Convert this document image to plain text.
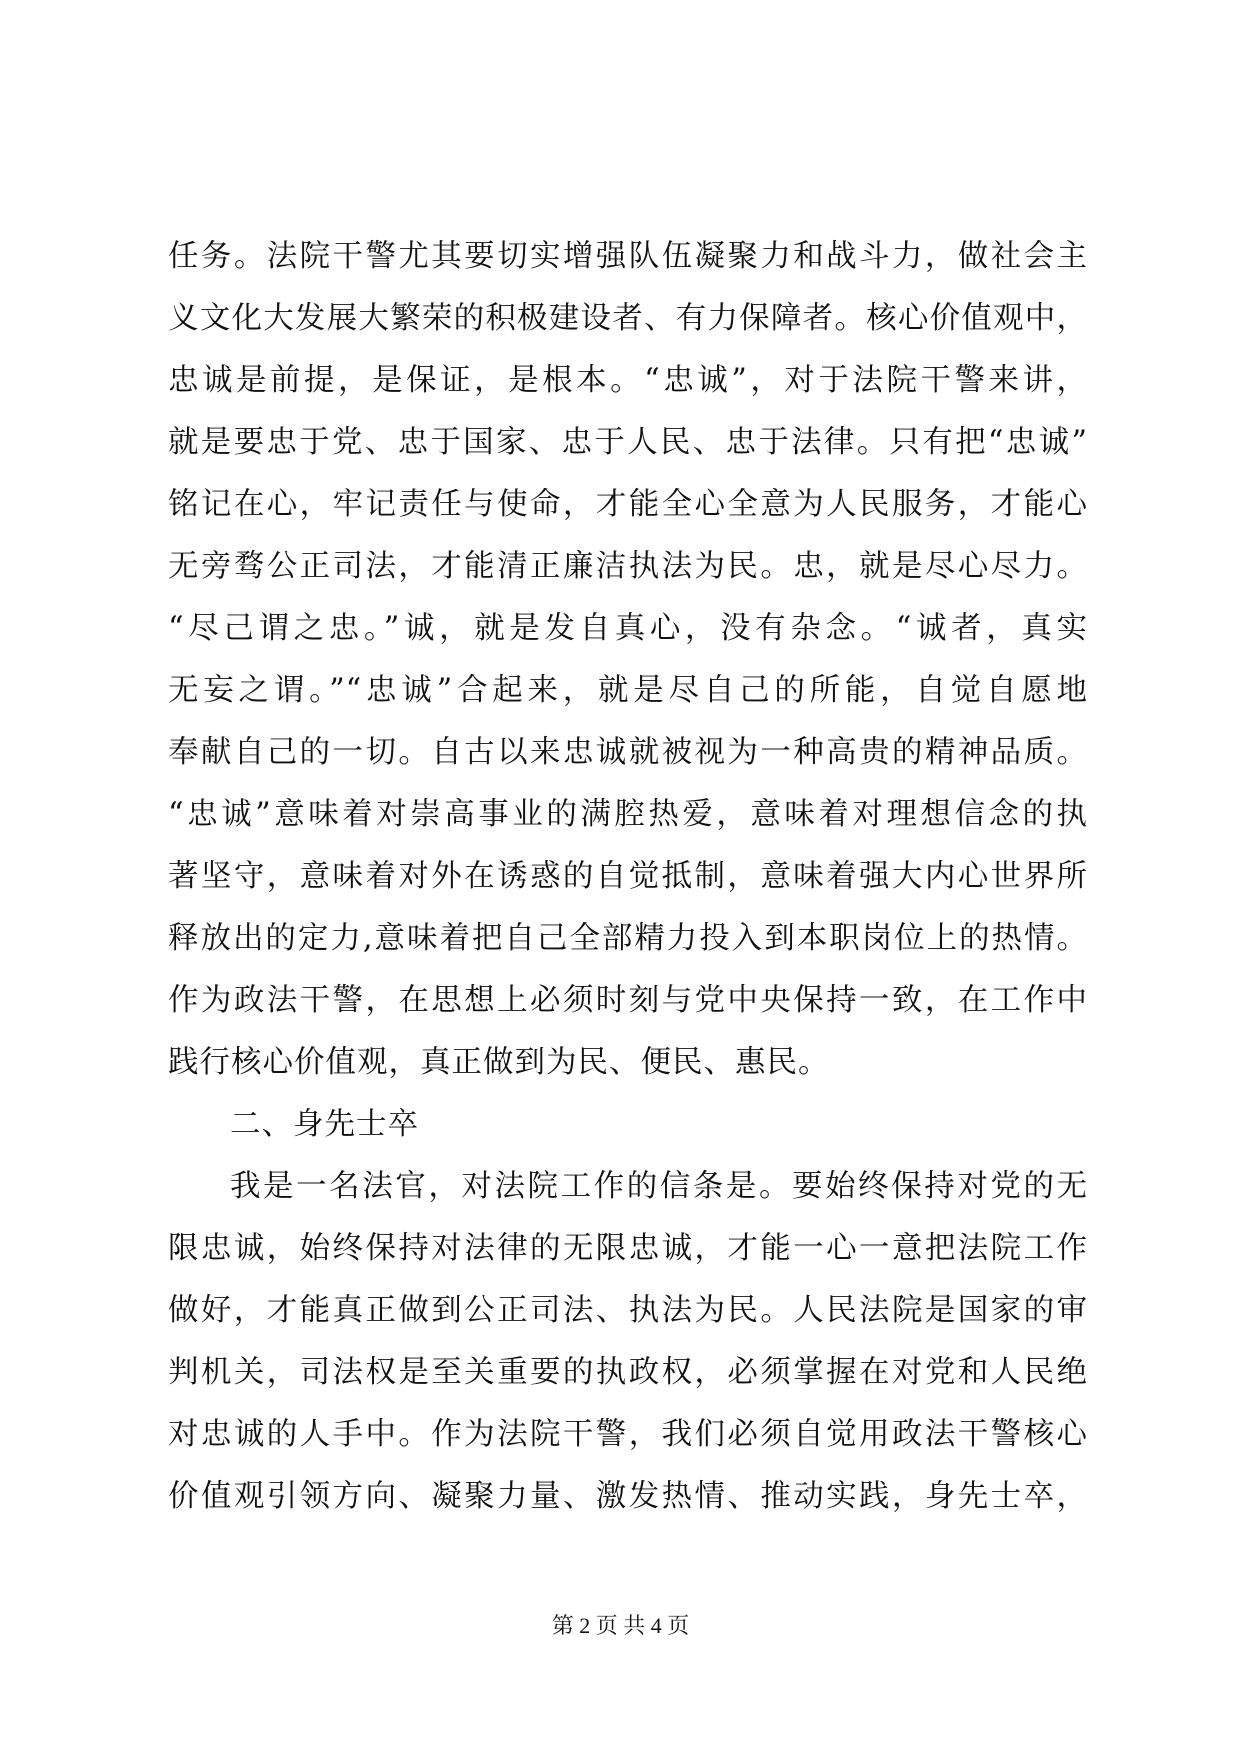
任务。法院干警尤其要切实增强队伍凝聚力和战斗力，做社会主
义文化大发展大繁荣的积极建设者、有力保障者。核心价值观中，
忠诚是前提，是保证，是根本。“忠诚”，对于法院干警来讲，
就是要忠于党、忠于国家、忠于人民、忠于法律。只有把“忠诚”
铭记在心，牢记责任与使命，才能全心全意为人民服务，才能心
无旁骛公正司法，才能清正廉洁执法为民。忠，就是尽心尽力。
“尽己谓之忠。”诚，就是发自真心，没有杂念。“诚者，真实
无妄之谓。”“忠诚”合起来，就是尽自己的所能，自觉自愿地
奉献自己的一切。自古以来忠诚就被视为一种高贵的精神品质。
“忠诚”意味着对崇高事业的满腔热爱，意味着对理想信念的执
著坚守，意味着对外在诱惑的自觉抵制，意味着强大内心世界所
释放出的定力,意味着把自己全部精力投入到本职岗位上的热情。
作为政法干警，在思想上必须时刻与党中央保持一致，在工作中
践行核心价值观，真正做到为民、便民、惠民。
二、身先士卒
我是一名法官，对法院工作的信条是。要始终保持对党的无
限忠诚，始终保持对法律的无限忠诚，才能一心一意把法院工作
做好，才能真正做到公正司法、执法为民。人民法院是国家的审
判机关，司法权是至关重要的执政权，必须掌握在对党和人民绝
对忠诚的人手中。作为法院干警，我们必须自觉用政法干警核心
价值观引领方向、凝聚力量、激发热情、推动实践，身先士卒，
第 2 页 共 4 页
